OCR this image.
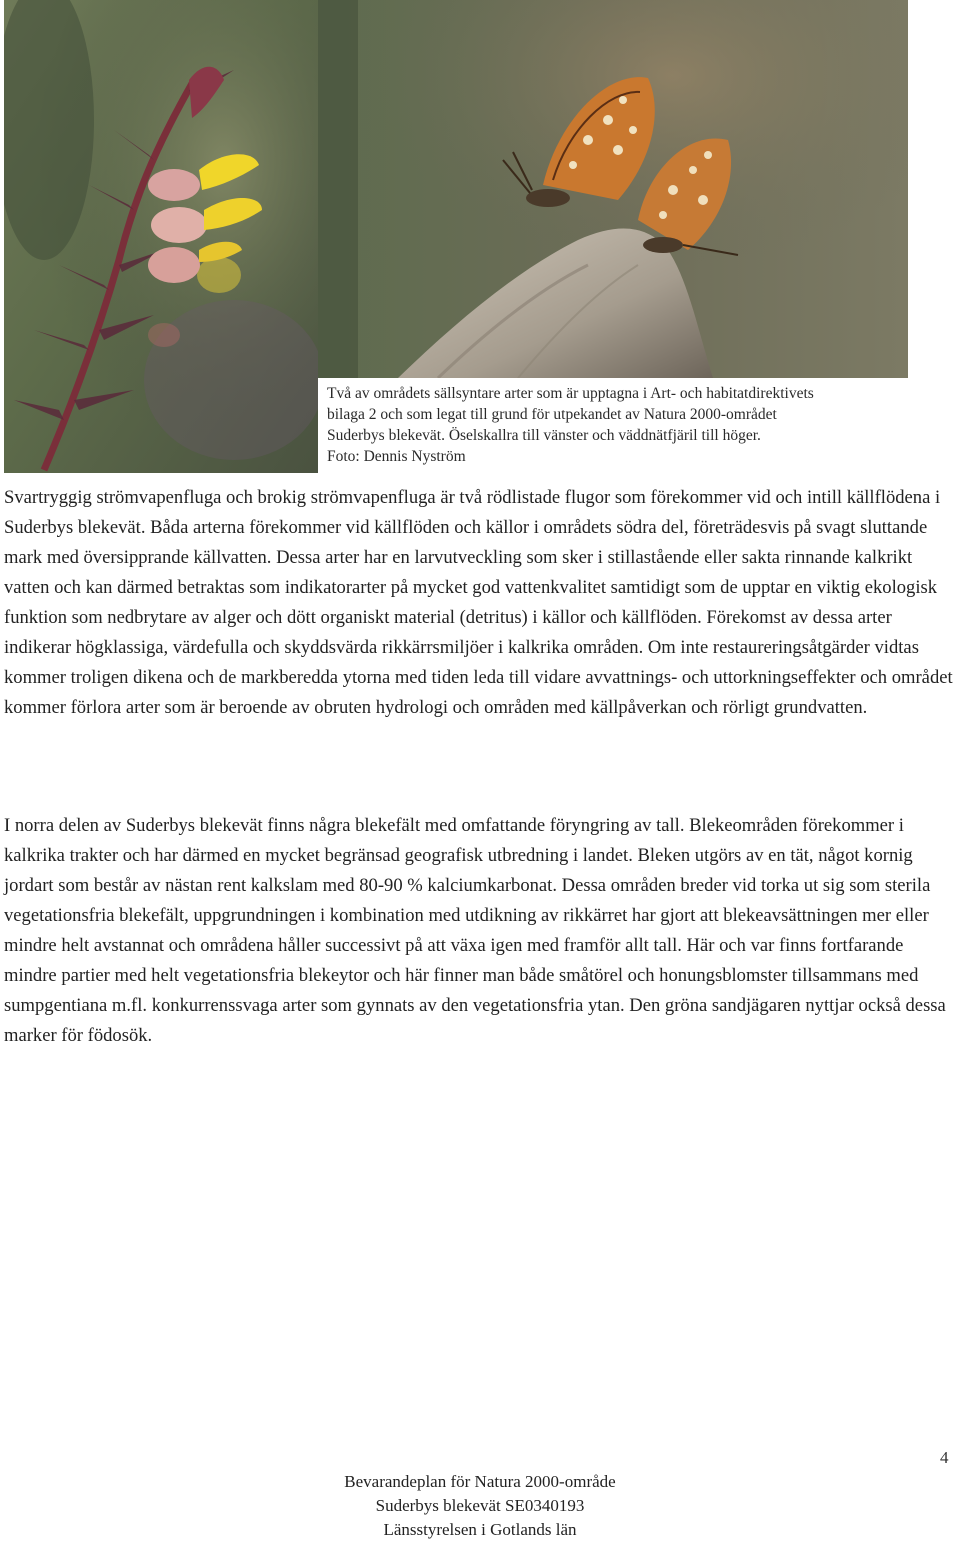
Två av områdets sällsyntare arter som är upptagna i Art- och habitatdirektivets

bilaga 2 och som legat till grund för utpekandet av Natura 2000-området

Suderbys blekevät. Öselskallra till vänster och väddnätfjäril till höger.

Foto: Dennis Nyström

Svartryggig strömvapenfluga och brokig strömvapenfluga är två rödlistade flugor som förekommer vid och intill källflödena i Suderbys blekevät. Båda arterna förekommer vid källflöden och källor i områdets södra del, företrädesvis på svagt sluttande mark med översipprande källvatten. Dessa arter har en larvutveckling som sker i stillastående eller sakta rinnande kalkrikt vatten och kan därmed betraktas som indikatorarter på mycket god vattenkvalitet samtidigt som de upptar en viktig ekologisk funktion som nedbrytare av alger och dött organiskt material (detritus) i källor och källflöden. Förekomst av dessa arter indikerar högklassiga, värdefulla och skyddsvärda rikkärrsmiljöer i kalkrika områden. Om inte restaureringsåtgärder vidtas kommer troligen dikena och de markberedda ytorna med tiden leda till vidare avvattnings- och uttorkningseffekter och området kommer förlora arter som är beroende av obruten hydrologi och områden med källpåverkan och rörligt grundvatten.

I norra delen av Suderbys blekevät finns några blekefält med omfattande föryngring av tall. Blekeområden förekommer i kalkrika trakter och har därmed en mycket begränsad geografisk utbredning i landet. Bleken utgörs av en tät, något kornig jordart som består av nästan rent kalkslam med 80-90 % kalciumkarbonat. Dessa områden breder vid torka ut sig som sterila vegetationsfria blekefält, uppgrundningen i kombination med utdikning av rikkärret har gjort att blekeavsättningen mer eller mindre helt avstannat och områdena håller successivt på att växa igen med framför allt tall. Här och var finns fortfarande mindre partier med helt vegetationsfria blekeytor och här finner man både småtörel och honungsblomster tillsammans med sumpgentiana m.fl. konkurrenssvaga arter som gynnats av den vegetationsfria ytan. Den gröna sandjägaren nyttjar också dessa marker för födosök.

4
Bevarandeplan för Natura 2000-område
Suderbys blekevät SE0340193
Länsstyrelsen i Gotlands län
